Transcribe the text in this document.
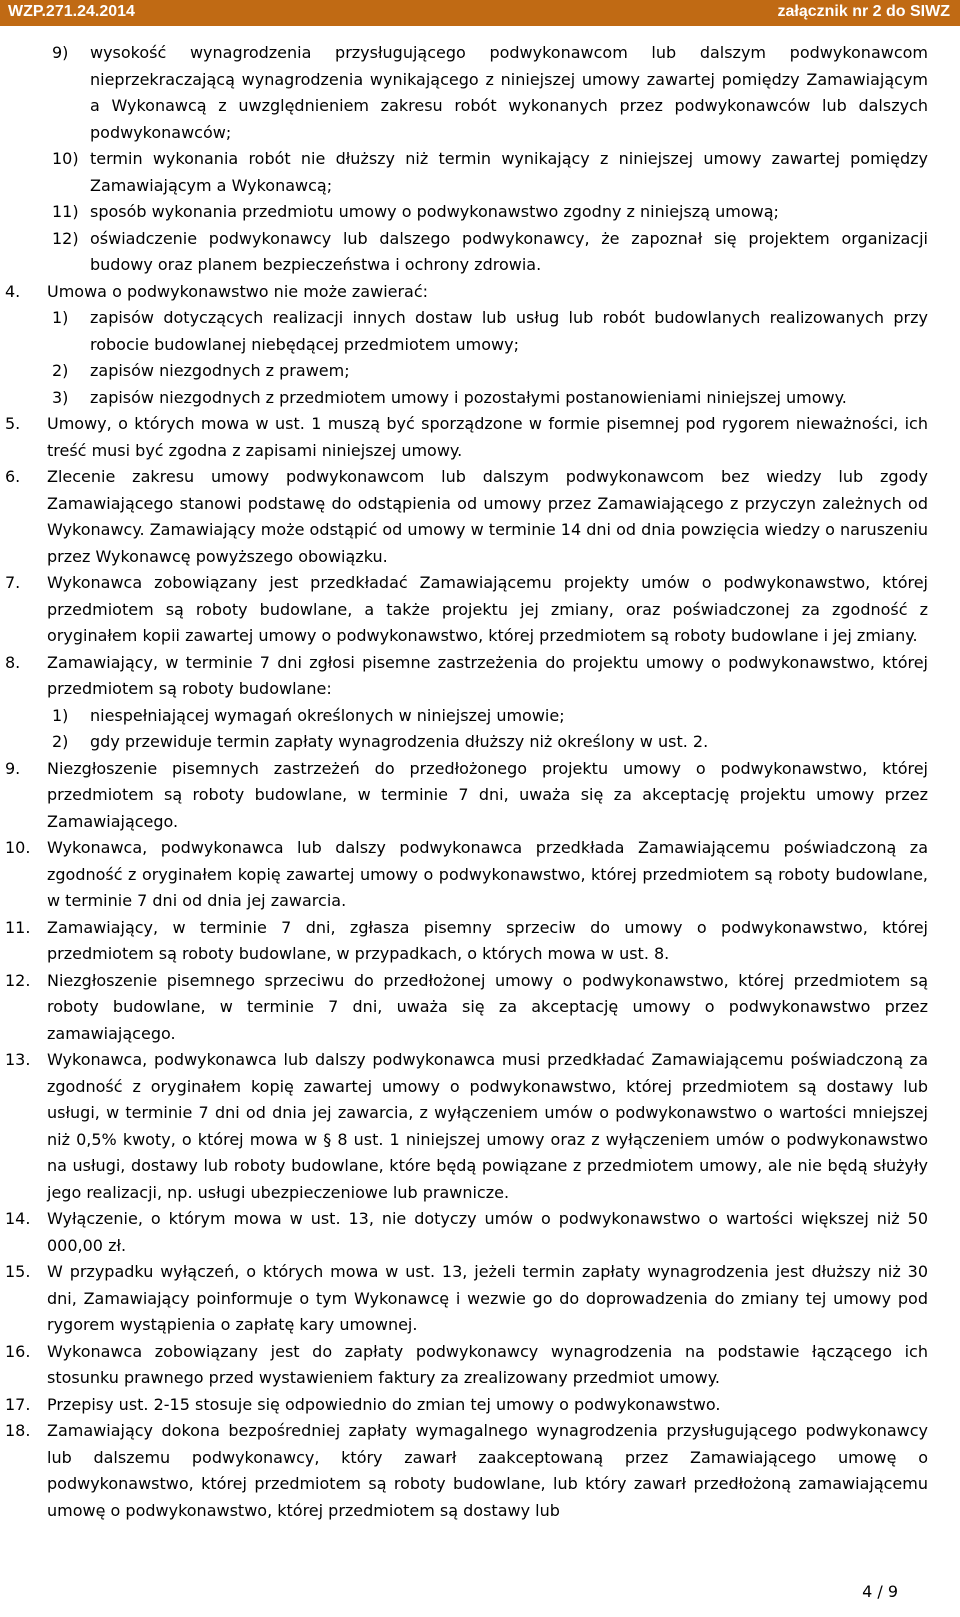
WZP.271.24.2014	załącznik nr 2 do SIWZ
9) wysokość wynagrodzenia przysługującego podwykonawcom lub dalszym podwykonawcom nieprzekraczającą wynagrodzenia wynikającego z niniejszej umowy zawartej pomiędzy Zamawiającym a Wykonawcą z uwzględnieniem zakresu robót wykonanych przez podwykonawców lub dalszych podwykonawców;
10) termin wykonania robót nie dłuższy niż termin wynikający z niniejszej umowy zawartej pomiędzy Zamawiającym a Wykonawcą;
11) sposób wykonania przedmiotu umowy o podwykonawstwo zgodny z niniejszą umową;
12) oświadczenie podwykonawcy lub dalszego podwykonawcy, że zapoznał się projektem organizacji budowy oraz planem bezpieczeństwa i ochrony zdrowia.
4. Umowa o podwykonawstwo nie może zawierać:
1) zapisów dotyczących realizacji innych dostaw lub usług lub robót budowlanych realizowanych przy robocie budowlanej niebędącej przedmiotem umowy;
2) zapisów niezgodnych z prawem;
3) zapisów niezgodnych z przedmiotem umowy i pozostałymi postanowieniami niniejszej umowy.
5. Umowy, o których mowa w ust. 1 muszą być sporządzone w formie pisemnej pod rygorem nieważności, ich treść musi być zgodna z zapisami niniejszej umowy.
6. Zlecenie zakresu umowy podwykonawcom lub dalszym podwykonawcom bez wiedzy lub zgody Zamawiającego stanowi podstawę do odstąpienia od umowy przez Zamawiającego z przyczyn zależnych od Wykonawcy. Zamawiający może odstąpić od umowy w terminie 14 dni od dnia powzięcia wiedzy o naruszeniu przez Wykonawcę powyższego obowiązku.
7. Wykonawca zobowiązany jest przedkładać Zamawiającemu projekty umów o podwykonawstwo, której przedmiotem są roboty budowlane, a także projektu jej zmiany, oraz poświadczonej za zgodność z oryginałem kopii zawartej umowy o podwykonawstwo, której przedmiotem są roboty budowlane i jej zmiany.
8. Zamawiający, w terminie 7 dni zgłosi pisemne zastrzeżenia do projektu umowy o podwykonawstwo, której przedmiotem są roboty budowlane:
1) niespełniającej wymagań określonych w niniejszej umowie;
2) gdy przewiduje termin zapłaty wynagrodzenia dłuższy niż określony w ust. 2.
9. Niezgłoszenie pisemnych zastrzeżeń do przedłożonego projektu umowy o podwykonawstwo, której przedmiotem są roboty budowlane, w terminie 7 dni, uważa się za akceptację projektu umowy przez Zamawiającego.
10. Wykonawca, podwykonawca lub dalszy podwykonawca przedkłada Zamawiającemu poświadczoną za zgodność z oryginałem kopię zawartej umowy o podwykonawstwo, której przedmiotem są roboty budowlane, w terminie 7 dni od dnia jej zawarcia.
11. Zamawiający, w terminie 7 dni, zgłasza pisemny sprzeciw do umowy o podwykonawstwo, której przedmiotem są roboty budowlane, w przypadkach, o których mowa w ust. 8.
12. Niezgłoszenie pisemnego sprzeciwu do przedłożonej umowy o podwykonawstwo, której przedmiotem są roboty budowlane, w terminie 7 dni, uważa się za akceptację umowy o podwykonawstwo przez zamawiającego.
13. Wykonawca, podwykonawca lub dalszy podwykonawca musi przedkładać Zamawiającemu poświadczoną za zgodność z oryginałem kopię zawartej umowy o podwykonawstwo, której przedmiotem są dostawy lub usługi, w terminie 7 dni od dnia jej zawarcia, z wyłączeniem umów o podwykonawstwo o wartości mniejszej niż 0,5% kwoty, o której mowa w § 8 ust. 1 niniejszej umowy oraz z wyłączeniem umów o podwykonawstwo na usługi, dostawy lub roboty budowlane, które będą powiązane z przedmiotem umowy, ale nie będą służyły jego realizacji, np. usługi ubezpieczeniowe lub prawnicze.
14. Wyłączenie, o którym mowa w ust. 13, nie dotyczy umów o podwykonawstwo o wartości większej niż 50 000,00 zł.
15. W przypadku wyłączeń, o których mowa w ust. 13, jeżeli termin zapłaty wynagrodzenia jest dłuższy niż 30 dni, Zamawiający poinformuje o tym Wykonawcę i wezwie go do doprowadzenia do zmiany tej umowy pod rygorem wystąpienia o zapłatę kary umownej.
16. Wykonawca zobowiązany jest do zapłaty podwykonawcy wynagrodzenia na podstawie łączącego ich stosunku prawnego przed wystawieniem faktury za zrealizowany przedmiot umowy.
17. Przepisy ust. 2-15 stosuje się odpowiednio do zmian tej umowy o podwykonawstwo.
18. Zamawiający dokona bezpośredniej zapłaty wymagalnego wynagrodzenia przysługującego podwykonawcy lub dalszemu podwykonawcy, który zawarł zaakceptowaną przez Zamawiającego umowę o podwykonawstwo, której przedmiotem są roboty budowlane, lub który zawarł przedłożoną zamawiającemu umowę o podwykonawstwo, której przedmiotem są dostawy lub
4 / 9
